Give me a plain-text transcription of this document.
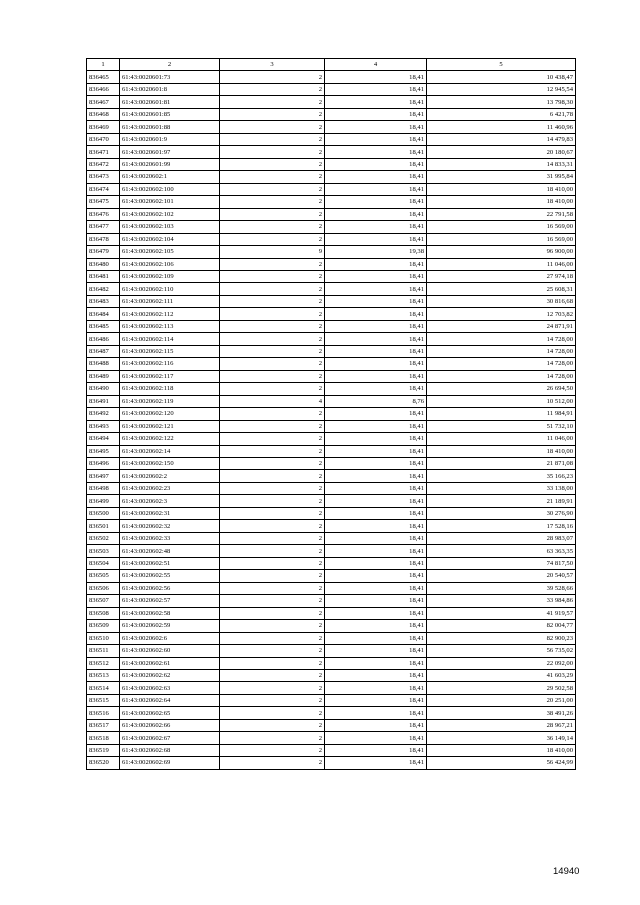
1	2	3	4	5
836465	61:43:0020601:73	2	18,41	10 438,47
836466	61:43:0020601:8	2	18,41	12 945,54
836467	61:43:0020601:81	2	18,41	13 798,30
836468	61:43:0020601:85	2	18,41	6 421,78
836469	61:43:0020601:88	2	18,41	11 460,96
836470	61:43:0020601:9	2	18,41	14 479,83
836471	61:43:0020601:97	2	18,41	20 180,67
836472	61:43:0020601:99	2	18,41	14 833,31
836473	61:43:0020602:1	2	18,41	31 995,84
836474	61:43:0020602:100	2	18,41	18 410,00
836475	61:43:0020602:101	2	18,41	18 410,00
836476	61:43:0020602:102	2	18,41	22 791,58
836477	61:43:0020602:103	2	18,41	16 569,00
836478	61:43:0020602:104	2	18,41	16 569,00
836479	61:43:0020602:105	9	19,38	96 900,00
836480	61:43:0020602:106	2	18,41	11 046,00
836481	61:43:0020602:109	2	18,41	27 974,18
836482	61:43:0020602:110	2	18,41	25 608,31
836483	61:43:0020602:111	2	18,41	30 816,68
836484	61:43:0020602:112	2	18,41	12 703,82
836485	61:43:0020602:113	2	18,41	24 871,91
836486	61:43:0020602:114	2	18,41	14 728,00
836487	61:43:0020602:115	2	18,41	14 728,00
836488	61:43:0020602:116	2	18,41	14 728,00
836489	61:43:0020602:117	2	18,41	14 728,00
836490	61:43:0020602:118	2	18,41	26 694,50
836491	61:43:0020602:119	4	8,76	10 512,00
836492	61:43:0020602:120	2	18,41	11 984,91
836493	61:43:0020602:121	2	18,41	51 732,10
836494	61:43:0020602:122	2	18,41	11 046,00
836495	61:43:0020602:14	2	18,41	18 410,00
836496	61:43:0020602:150	2	18,41	21 871,08
836497	61:43:0020602:2	2	18,41	35 166,23
836498	61:43:0020602:23	2	18,41	33 138,00
836499	61:43:0020602:3	2	18,41	21 189,91
836500	61:43:0020602:31	2	18,41	30 276,90
836501	61:43:0020602:32	2	18,41	17 528,16
836502	61:43:0020602:33	2	18,41	28 983,07
836503	61:43:0020602:48	2	18,41	63 363,35
836504	61:43:0020602:51	2	18,41	74 817,50
836505	61:43:0020602:55	2	18,41	20 540,57
836506	61:43:0020602:56	2	18,41	39 528,66
836507	61:43:0020602:57	2	18,41	33 984,86
836508	61:43:0020602:58	2	18,41	41 919,57
836509	61:43:0020602:59	2	18,41	82 004,77
836510	61:43:0020602:6	2	18,41	82 900,23
836511	61:43:0020602:60	2	18,41	56 735,02
836512	61:43:0020602:61	2	18,41	22 092,00
836513	61:43:0020602:62	2	18,41	41 603,29
836514	61:43:0020602:63	2	18,41	29 502,58
836515	61:43:0020602:64	2	18,41	20 251,00
836516	61:43:0020602:65	2	18,41	38 491,26
836517	61:43:0020602:66	2	18,41	28 967,21
836518	61:43:0020602:67	2	18,41	36 149,14
836519	61:43:0020602:68	2	18,41	18 410,00
836520	61:43:0020602:69	2	18,41	56 424,99
14940
